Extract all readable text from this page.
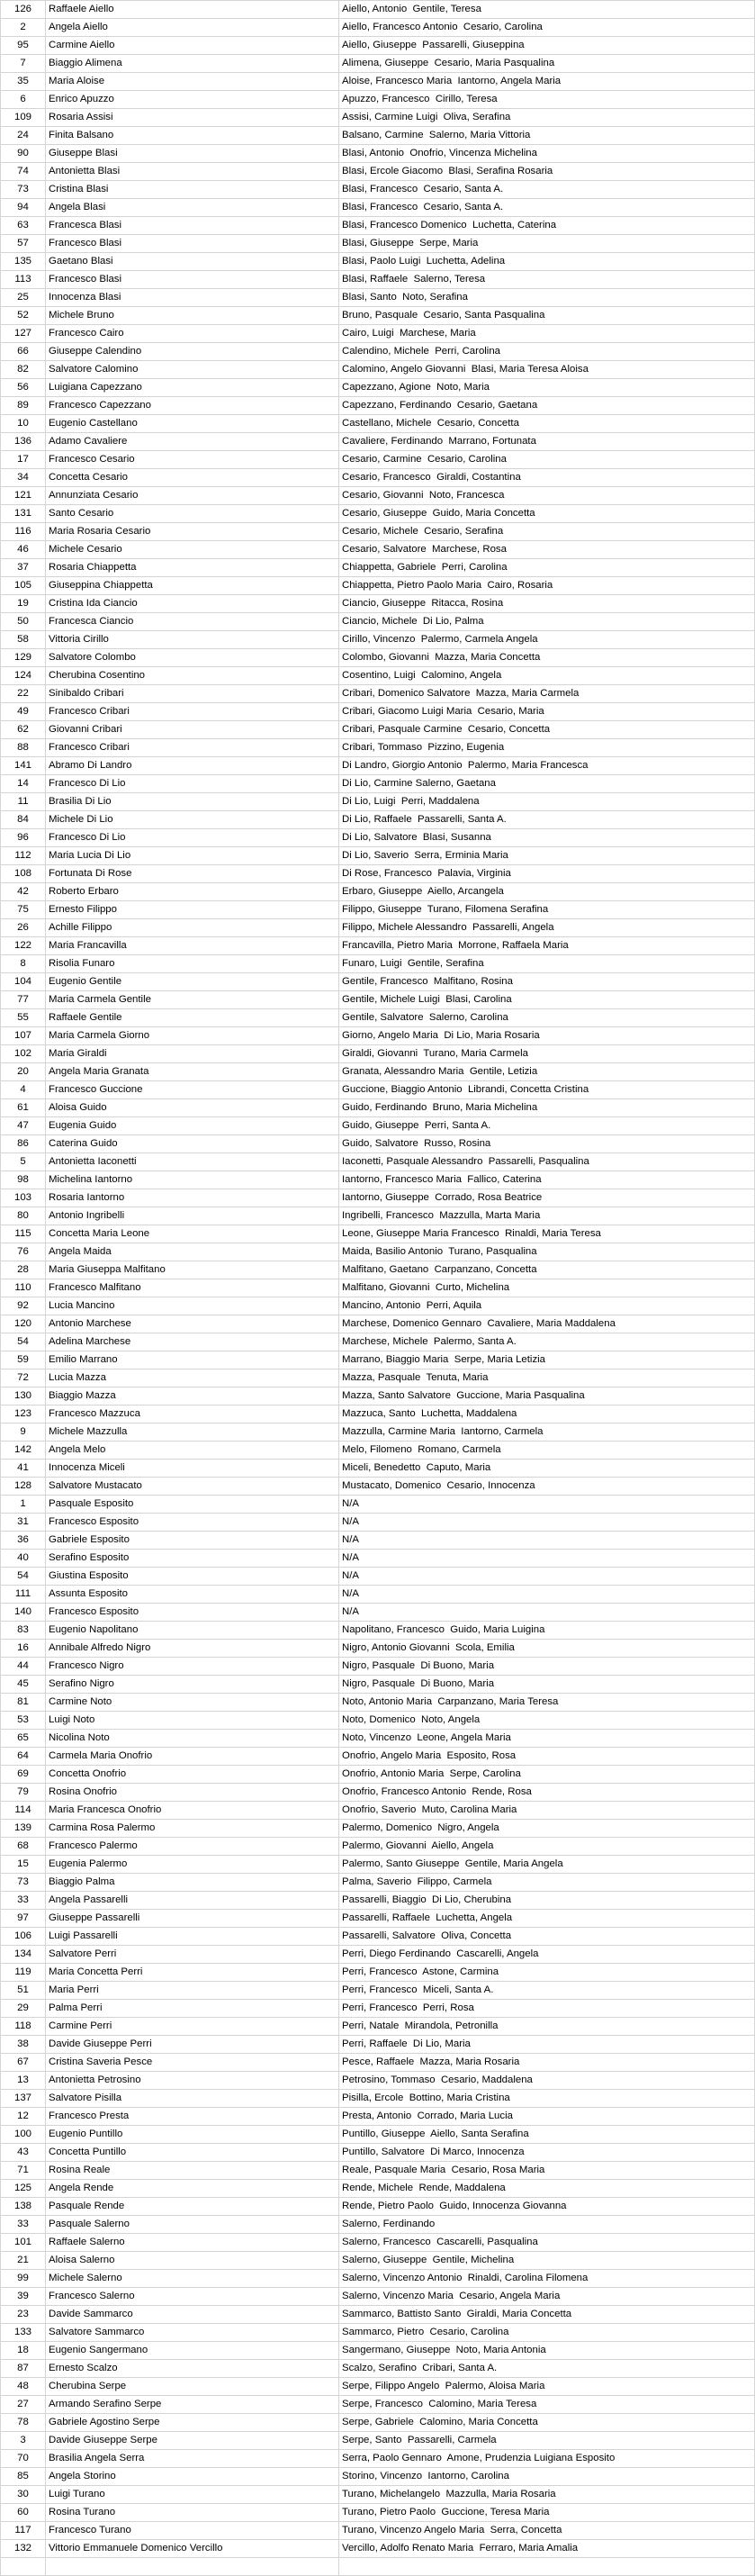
126	Raffaele Aiello	Aiello, Antonio  Gentile, Teresa
2	Angela Aiello	Aiello, Francesco Antonio  Cesario, Carolina
95	Carmine Aiello	Aiello, Giuseppe  Passarelli, Giuseppina
7	Biaggio Alimena	Alimena, Giuseppe  Cesario, Maria Pasqualina
35	Maria Aloise	Aloise, Francesco Maria  Iantorno, Angela Maria
6	Enrico Apuzzo	Apuzzo, Francesco  Cirillo, Teresa
109	Rosaria Assisi	Assisi, Carmine Luigi  Oliva, Serafina
24	Finita Balsano	Balsano, Carmine  Salerno, Maria Vittoria
90	Giuseppe Blasi	Blasi, Antonio  Onofrio, Vincenza Michelina
74	Antonietta Blasi	Blasi, Ercole Giacomo  Blasi, Serafina Rosaria
73	Cristina Blasi	Blasi, Francesco  Cesario, Santa A.
94	Angela Blasi	Blasi, Francesco  Cesario, Santa A.
63	Francesca Blasi	Blasi, Francesco Domenico  Luchetta, Caterina
57	Francesco Blasi	Blasi, Giuseppe  Serpe, Maria
135	Gaetano Blasi	Blasi, Paolo Luigi  Luchetta, Adelina
113	Francesco Blasi	Blasi, Raffaele  Salerno, Teresa
25	Innocenza Blasi	Blasi, Santo  Noto, Serafina
52	Michele Bruno	Bruno, Pasquale  Cesario, Santa Pasqualina
127	Francesco Cairo	Cairo, Luigi  Marchese, Maria
66	Giuseppe Calendino	Calendino, Michele  Perri, Carolina
82	Salvatore Calomino	Calomino, Angelo Giovanni  Blasi, Maria Teresa Aloisa
56	Luigiana Capezzano	Capezzano, Agione  Noto, Maria
89	Francesco Capezzano	Capezzano, Ferdinando  Cesario, Gaetana
10	Eugenio Castellano	Castellano, Michele  Cesario, Concetta
136	Adamo Cavaliere	Cavaliere, Ferdinando  Marrano, Fortunata
17	Francesco Cesario	Cesario, Carmine  Cesario, Carolina
34	Concetta Cesario	Cesario, Francesco  Giraldi, Costantina
121	Annunziata Cesario	Cesario, Giovanni  Noto, Francesca
131	Santo Cesario	Cesario, Giuseppe  Guido, Maria Concetta
116	Maria Rosaria Cesario	Cesario, Michele  Cesario, Serafina
46	Michele Cesario	Cesario, Salvatore  Marchese, Rosa
37	Rosaria Chiappetta	Chiappetta, Gabriele  Perri, Carolina
105	Giuseppina Chiappetta	Chiappetta, Pietro Paolo Maria  Cairo, Rosaria
19	Cristina Ida Ciancio	Ciancio, Giuseppe  Ritacca, Rosina
50	Francesca Ciancio	Ciancio, Michele  Di Lio, Palma
58	Vittoria Cirillo	Cirillo, Vincenzo  Palermo, Carmela Angela
129	Salvatore Colombo	Colombo, Giovanni  Mazza, Maria Concetta
124	Cherubina Cosentino	Cosentino, Luigi  Calomino, Angela
22	Sinibaldo Cribari	Cribari, Domenico Salvatore  Mazza, Maria Carmela
49	Francesco Cribari	Cribari, Giacomo Luigi Maria  Cesario, Maria
62	Giovanni Cribari	Cribari, Pasquale Carmine  Cesario, Concetta
88	Francesco Cribari	Cribari, Tommaso  Pizzino, Eugenia
141	Abramo Di Landro	Di Landro, Giorgio Antonio  Palermo, Maria Francesca
14	Francesco Di Lio	Di Lio, Carmine Salerno, Gaetana
11	Brasilia Di Lio	Di Lio, Luigi  Perri, Maddalena
84	Michele Di Lio	Di Lio, Raffaele  Passarelli, Santa A.
96	Francesco Di Lio	Di Lio, Salvatore  Blasi, Susanna
112	Maria Lucia Di Lio	Di Lio, Saverio  Serra, Erminia Maria
108	Fortunata Di Rose	Di Rose, Francesco  Palavia, Virginia
42	Roberto Erbaro	Erbaro, Giuseppe  Aiello, Arcangela
75	Ernesto Filippo	Filippo, Giuseppe  Turano, Filomena Serafina
26	Achille Filippo	Filippo, Michele Alessandro  Passarelli, Angela
122	Maria Francavilla	Francavilla, Pietro Maria  Morrone, Raffaela Maria
8	Risolia Funaro	Funaro, Luigi  Gentile, Serafina
104	Eugenio Gentile	Gentile, Francesco  Malfitano, Rosina
77	Maria Carmela Gentile	Gentile, Michele Luigi  Blasi, Carolina
55	Raffaele Gentile	Gentile, Salvatore  Salerno, Carolina
107	Maria Carmela Giorno	Giorno, Angelo Maria  Di Lio, Maria Rosaria
102	Maria Giraldi	Giraldi, Giovanni  Turano, Maria Carmela
20	Angela Maria Granata	Granata, Alessandro Maria  Gentile, Letizia
4	Francesco Guccione	Guccione, Biaggio Antonio  Librandi, Concetta Cristina
61	Aloisa Guido	Guido, Ferdinando  Bruno, Maria Michelina
47	Eugenia Guido	Guido, Giuseppe  Perri, Santa A.
86	Caterina Guido	Guido, Salvatore  Russo, Rosina
5	Antonietta Iaconetti	Iaconetti, Pasquale Alessandro  Passarelli, Pasqualina
98	Michelina Iantorno	Iantorno, Francesco Maria  Fallico, Caterina
103	Rosaria Iantorno	Iantorno, Giuseppe  Corrado, Rosa Beatrice
80	Antonio Ingribelli	Ingribelli, Francesco  Mazzulla, Marta Maria
115	Concetta Maria Leone	Leone, Giuseppe Maria Francesco  Rinaldi, Maria Teresa
76	Angela Maida	Maida, Basilio Antonio  Turano, Pasqualina
28	Maria Giuseppa Malfitano	Malfitano, Gaetano  Carpanzano, Concetta
110	Francesco Malfitano	Malfitano, Giovanni  Curto, Michelina
92	Lucia Mancino	Mancino, Antonio  Perri, Aquila
120	Antonio Marchese	Marchese, Domenico Gennaro  Cavaliere, Maria Maddalena
54	Adelina Marchese	Marchese, Michele  Palermo, Santa A.
59	Emilio Marrano	Marrano, Biaggio Maria  Serpe, Maria Letizia
72	Lucia Mazza	Mazza, Pasquale  Tenuta, Maria
130	Biaggio Mazza	Mazza, Santo Salvatore  Guccione, Maria Pasqualina
123	Francesco Mazzuca	Mazzuca, Santo  Luchetta, Maddalena
9	Michele Mazzulla	Mazzulla, Carmine Maria  Iantorno, Carmela
142	Angela Melo	Melo, Filomeno  Romano, Carmela
41	Innocenza Miceli	Miceli, Benedetto  Caputo, Maria
128	Salvatore Mustacato	Mustacato, Domenico  Cesario, Innocenza
1	Pasquale Esposito	N/A
31	Francesco Esposito	N/A
36	Gabriele Esposito	N/A
40	Serafino Esposito	N/A
54	Giustina Esposito	N/A
111	Assunta Esposito	N/A
140	Francesco Esposito	N/A
83	Eugenio Napolitano	Napolitano, Francesco  Guido, Maria Luigina
16	Annibale Alfredo Nigro	Nigro, Antonio Giovanni  Scola, Emilia
44	Francesco Nigro	Nigro, Pasquale  Di Buono, Maria
45	Serafino Nigro	Nigro, Pasquale  Di Buono, Maria
81	Carmine Noto	Noto, Antonio Maria  Carpanzano, Maria Teresa
53	Luigi Noto	Noto, Domenico  Noto, Angela
65	Nicolina Noto	Noto, Vincenzo  Leone, Angela Maria
64	Carmela Maria Onofrio	Onofrio, Angelo Maria  Esposito, Rosa
69	Concetta Onofrio	Onofrio, Antonio Maria  Serpe, Carolina
79	Rosina Onofrio	Onofrio, Francesco Antonio  Rende, Rosa
114	Maria Francesca Onofrio	Onofrio, Saverio  Muto, Carolina Maria
139	Carmina Rosa Palermo	Palermo, Domenico  Nigro, Angela
68	Francesco Palermo	Palermo, Giovanni  Aiello, Angela
15	Eugenia Palermo	Palermo, Santo Giuseppe  Gentile, Maria Angela
73	Biaggio Palma	Palma, Saverio  Filippo, Carmela
33	Angela Passarelli	Passarelli, Biaggio  Di Lio, Cherubina
97	Giuseppe Passarelli	Passarelli, Raffaele  Luchetta, Angela
106	Luigi Passarelli	Passarelli, Salvatore  Oliva, Concetta
134	Salvatore Perri	Perri, Diego Ferdinando  Cascarelli, Angela
119	Maria Concetta Perri	Perri, Francesco  Astone, Carmina
51	Maria Perri	Perri, Francesco  Miceli, Santa A.
29	Palma Perri	Perri, Francesco  Perri, Rosa
118	Carmine Perri	Perri, Natale  Mirandola, Petronilla
38	Davide Giuseppe Perri	Perri, Raffaele  Di Lio, Maria
67	Cristina Saveria Pesce	Pesce, Raffaele  Mazza, Maria Rosaria
13	Antonietta Petrosino	Petrosino, Tommaso  Cesario, Maddalena
137	Salvatore Pisilla	Pisilla, Ercole  Bottino, Maria Cristina
12	Francesco Presta	Presta, Antonio  Corrado, Maria Lucia
100	Eugenio Puntillo	Puntillo, Giuseppe  Aiello, Santa Serafina
43	Concetta Puntillo	Puntillo, Salvatore  Di Marco, Innocenza
71	Rosina Reale	Reale, Pasquale Maria  Cesario, Rosa Maria
125	Angela Rende	Rende, Michele  Rende, Maddalena
138	Pasquale Rende	Rende, Pietro Paolo  Guido, Innocenza Giovanna
33	Pasquale Salerno	Salerno, Ferdinando
101	Raffaele Salerno	Salerno, Francesco  Cascarelli, Pasqualina
21	Aloisa Salerno	Salerno, Giuseppe  Gentile, Michelina
99	Michele Salerno	Salerno, Vincenzo Antonio  Rinaldi, Carolina Filomena
39	Francesco Salerno	Salerno, Vincenzo Maria  Cesario, Angela Maria
23	Davide Sammarco	Sammarco, Battisto Santo  Giraldi, Maria Concetta
133	Salvatore Sammarco	Sammarco, Pietro  Cesario, Carolina
18	Eugenio Sangermano	Sangermano, Giuseppe  Noto, Maria Antonia
87	Ernesto Scalzo	Scalzo, Serafino  Cribari, Santa A.
48	Cherubina Serpe	Serpe, Filippo Angelo  Palermo, Aloisa Maria
27	Armando Serafino Serpe	Serpe, Francesco  Calomino, Maria Teresa
78	Gabriele Agostino Serpe	Serpe, Gabriele  Calomino, Maria Concetta
3	Davide Giuseppe Serpe	Serpe, Santo  Passarelli, Carmela
70	Brasilia Angela Serra	Serra, Paolo Gennaro  Amone, Prudenzia Luigiana Esposito
85	Angela Storino	Storino, Vincenzo  Iantorno, Carolina
30	Luigi Turano	Turano, Michelangelo  Mazzulla, Maria Rosaria
60	Rosina Turano	Turano, Pietro Paolo  Guccione, Teresa Maria
117	Francesco Turano	Turano, Vincenzo Angelo Maria  Serra, Concetta
132	Vittorio Emmanuele Domenico Vercillo	Vercillo, Adolfo Renato Maria  Ferraro, Maria Amalia
